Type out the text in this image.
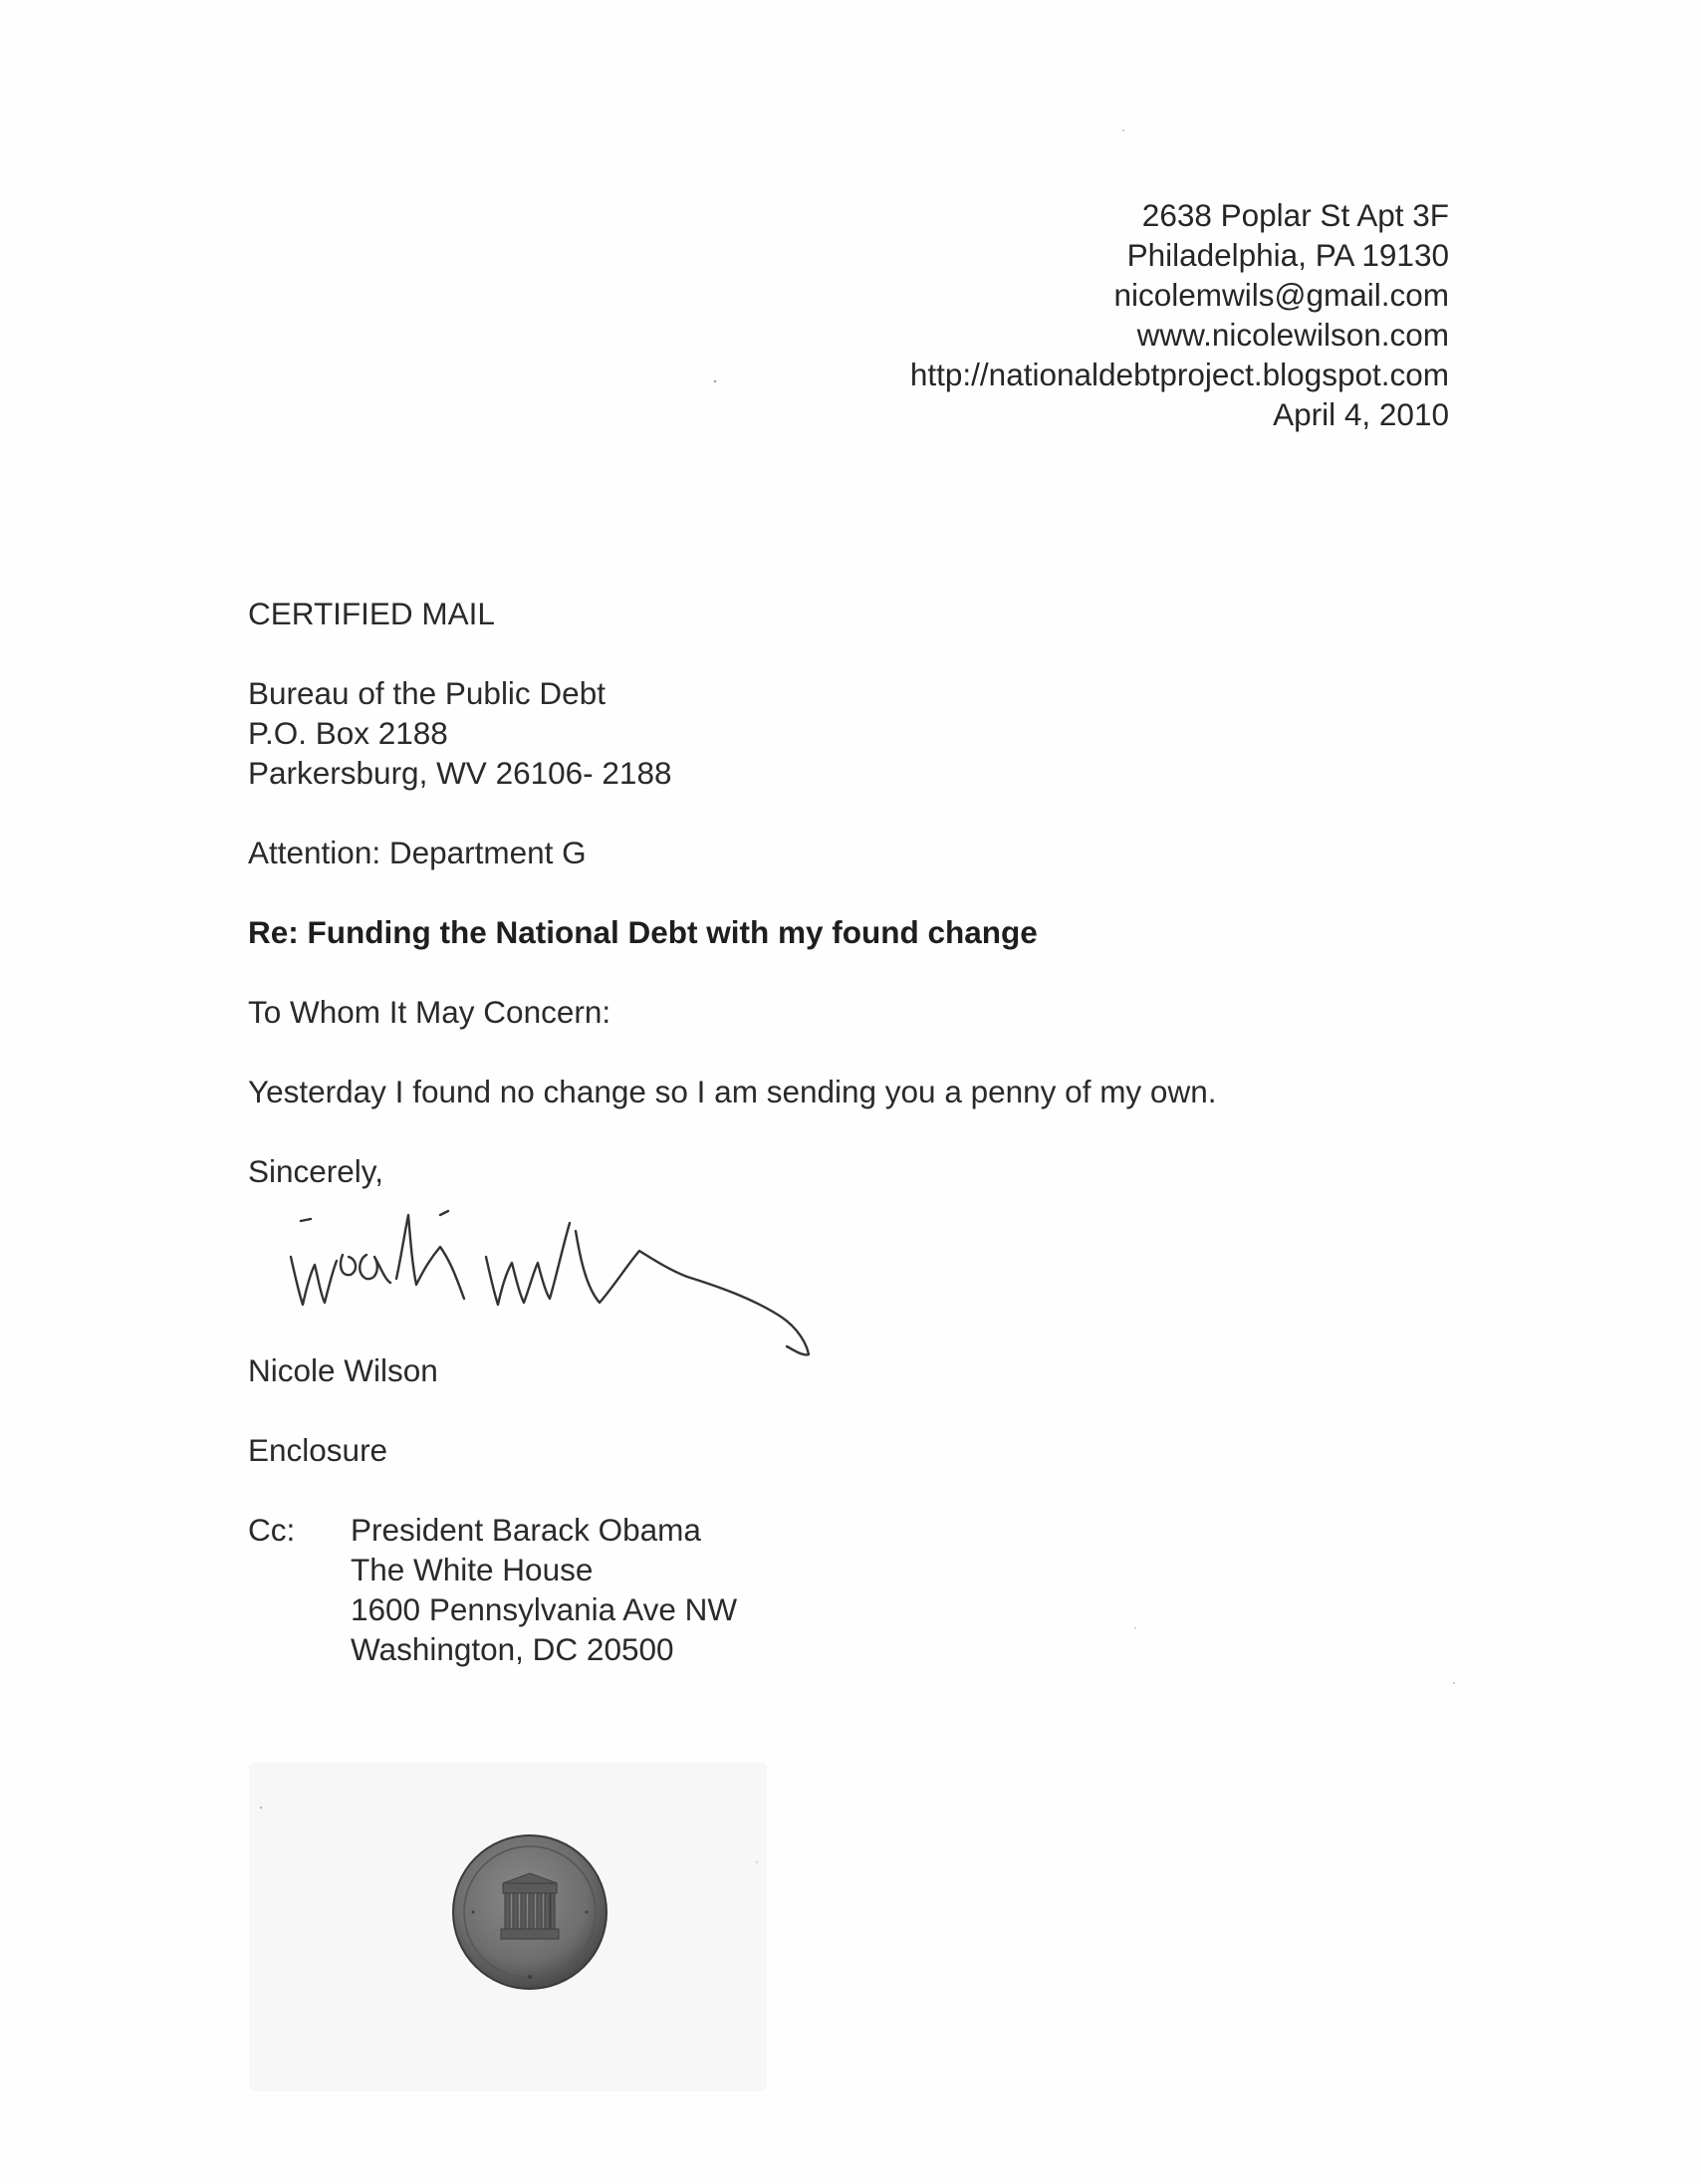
2638 Poplar St Apt 3F
Philadelphia, PA 19130
nicolemwils@gmail.com
www.nicolewilson.com
http://nationaldebtproject.blogspot.com
April 4, 2010
CERTIFIED MAIL
Bureau of the Public Debt
P.O. Box 2188
Parkersburg, WV 26106- 2188
Attention: Department G
Re: Funding the National Debt with my found change
To Whom It May Concern:
Yesterday I found no change so I am sending you a penny of my own.
Sincerely,
Nicole Wilson
Enclosure
Cc: President Barack Obama
The White House
1600 Pennsylvania Ave NW
Washington, DC 20500
